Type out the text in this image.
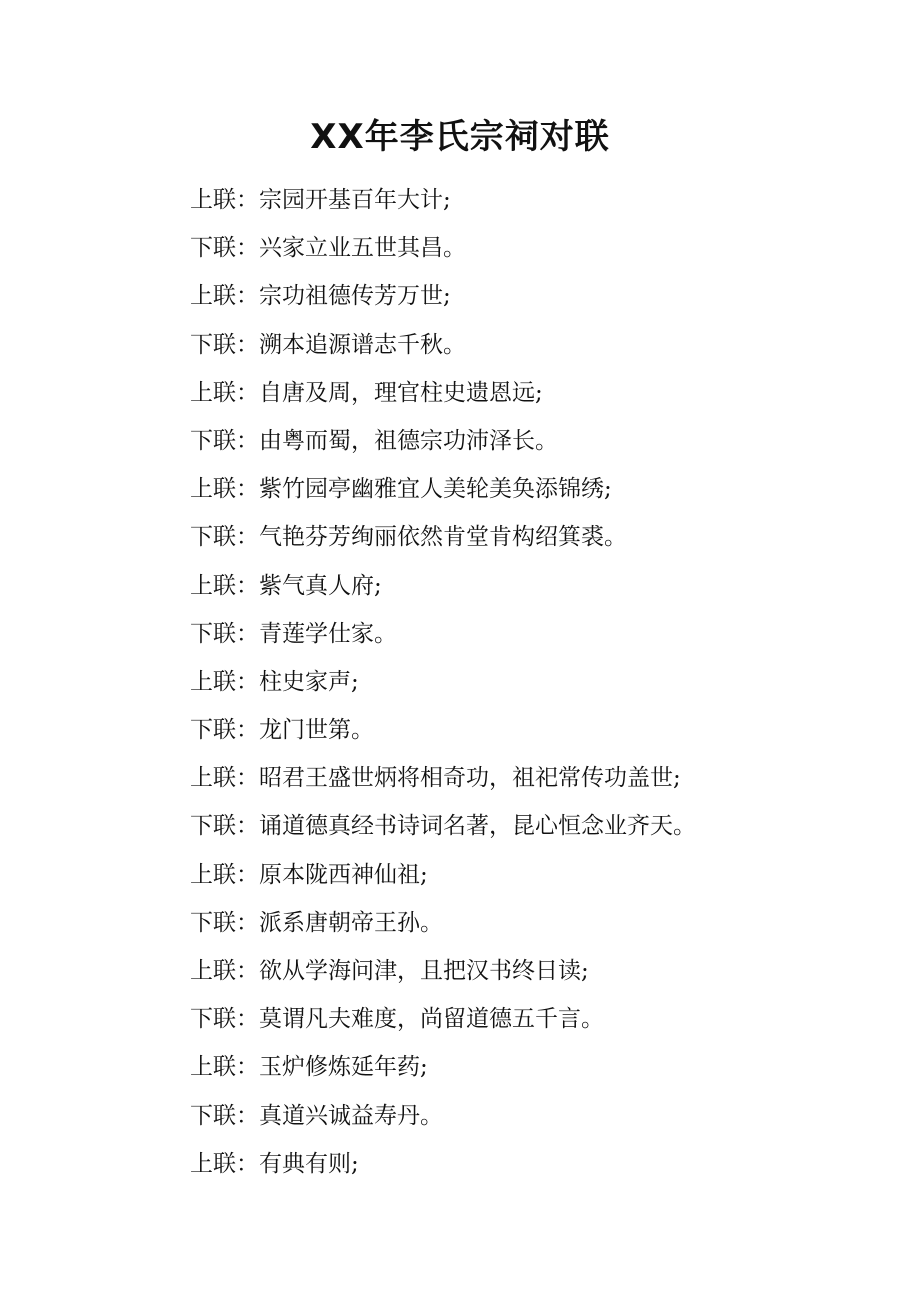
XX年李氏宗祠对联
上联：宗园开基百年大计;
下联：兴家立业五世其昌。
上联：宗功祖德传芳万世;
下联：溯本追源谱志千秋。
上联：自唐及周，理官柱史遗恩远;
下联：由粤而蜀，祖德宗功沛泽长。
上联：紫竹园亭幽雅宜人美轮美奂添锦绣;
下联：气艳芬芳绚丽依然肯堂肯构绍箕裘。
上联：紫气真人府;
下联：青莲学仕家。
上联：柱史家声;
下联：龙门世第。
上联：昭君王盛世炳将相奇功，祖祀常传功盖世;
下联：诵道德真经书诗词名著，昆心恒念业齐天。
上联：原本陇西神仙祖;
下联：派系唐朝帝王孙。
上联：欲从学海问津，且把汉书终日读;
下联：莫谓凡夫难度，尚留道德五千言。
上联：玉炉修炼延年药;
下联：真道兴诚益寿丹。
上联：有典有则;
